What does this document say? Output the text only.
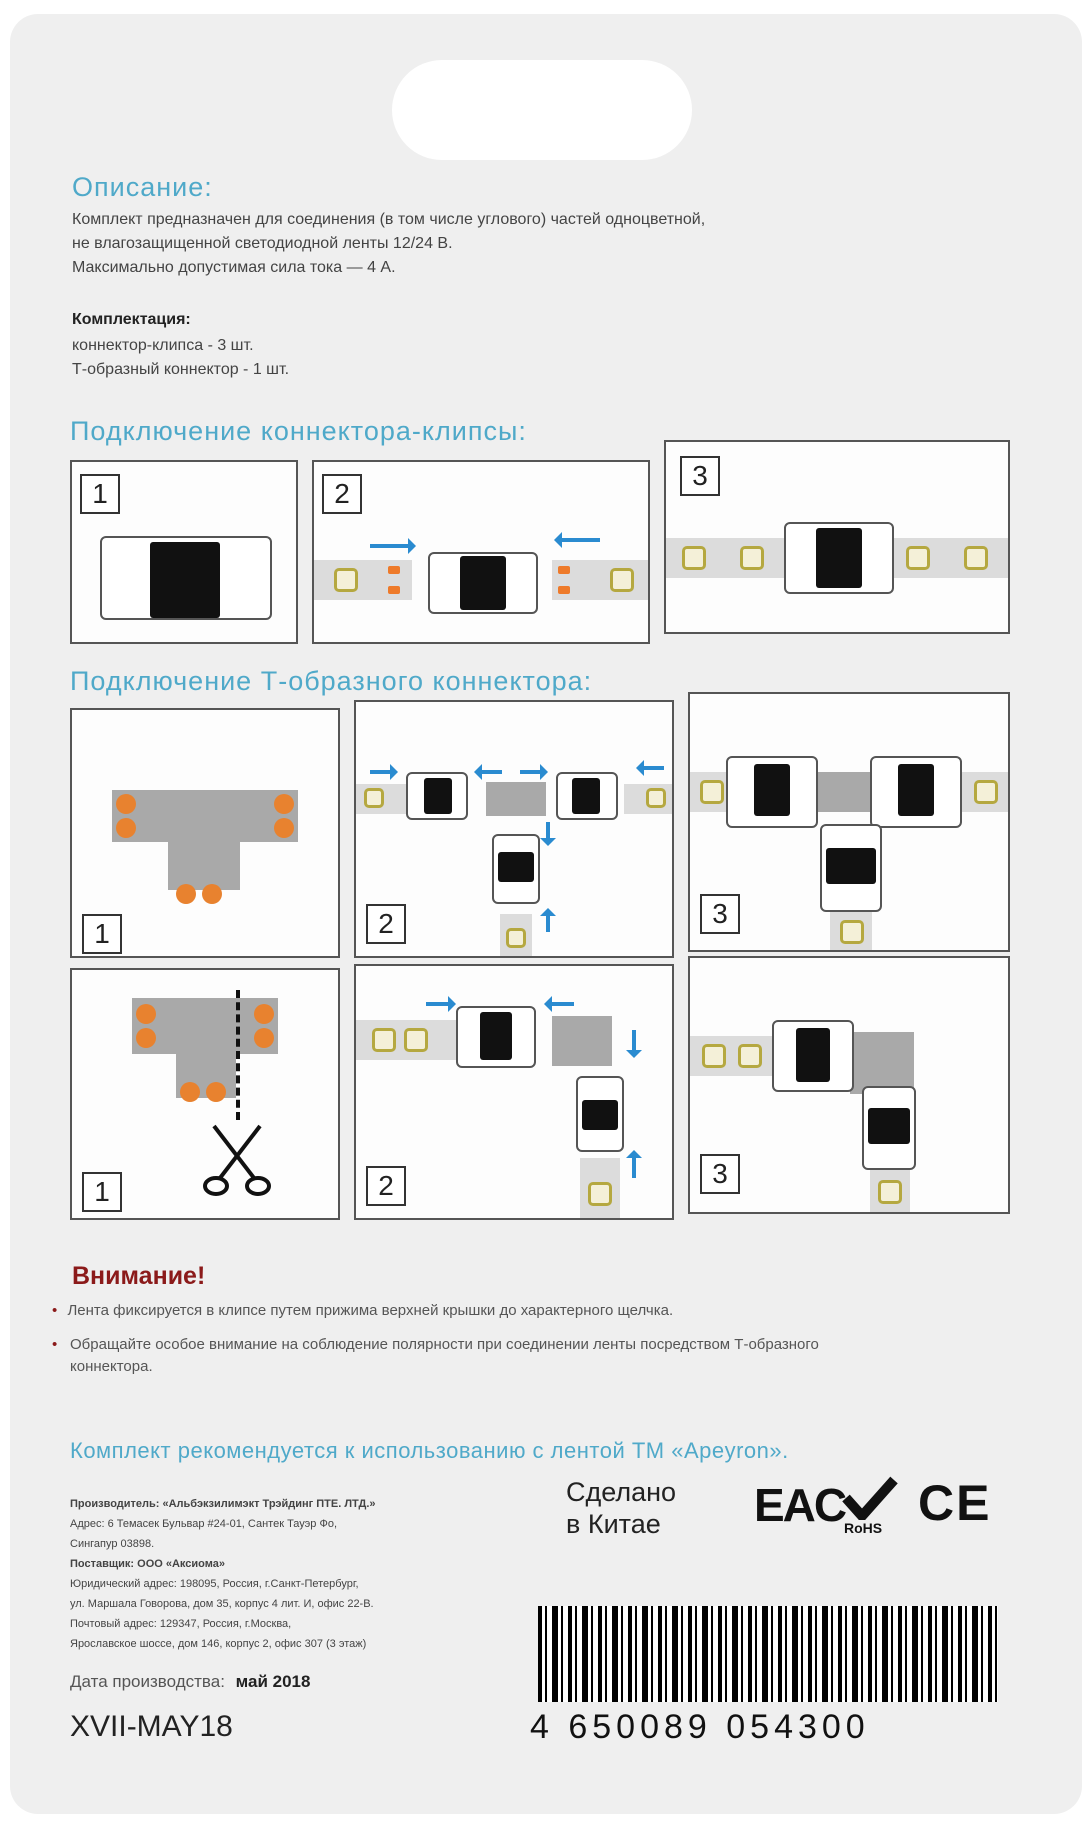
Описание:
Комплект предназначен для соединения (в том числе углового) частей одноцветной,
не влагозащищенной светодиодной ленты 12/24 В.
Максимально допустимая сила тока — 4 А.
Комплектация:
коннектор-клипса - 3 шт.
Т-образный коннектор - 1 шт.
Подключение коннектора-клипсы:
1	2
3
Подключение Т-образного коннектора:
1	2	3
1	2	3
Внимание!
• Лента фиксируется в клипсе путем прижима верхней крышки до характерного щелчка.
• Обращайте особое внимание на соблюдение полярности при соединении ленты посредством Т-образного коннектора.
Комплект рекомендуется к использованию с лентой ТМ «Apeyron».
Производитель: «Альбэкзилимэкт Трэйдинг ПТЕ. ЛТД.»
Адрес: 6 Темасек Бульвар #24-01, Сантек Тауэр Фо,
Сингапур 03898.
Поставщик: ООО «Аксиома»
Юридический адрес: 198095, Россия, г.Санкт-Петербург,
ул. Маршала Говорова, дом 35, корпус 4 лит. И, офис 22-В.
Почтовый адрес: 129347, Россия, г.Москва,
Ярославское шоссе, дом 146, корпус 2, офис 307 (3 этаж)
Сделано
в Китае	EAC
RoHS CE
Дата производства: май 2018
XVII-MAY18	4 650089 054300
